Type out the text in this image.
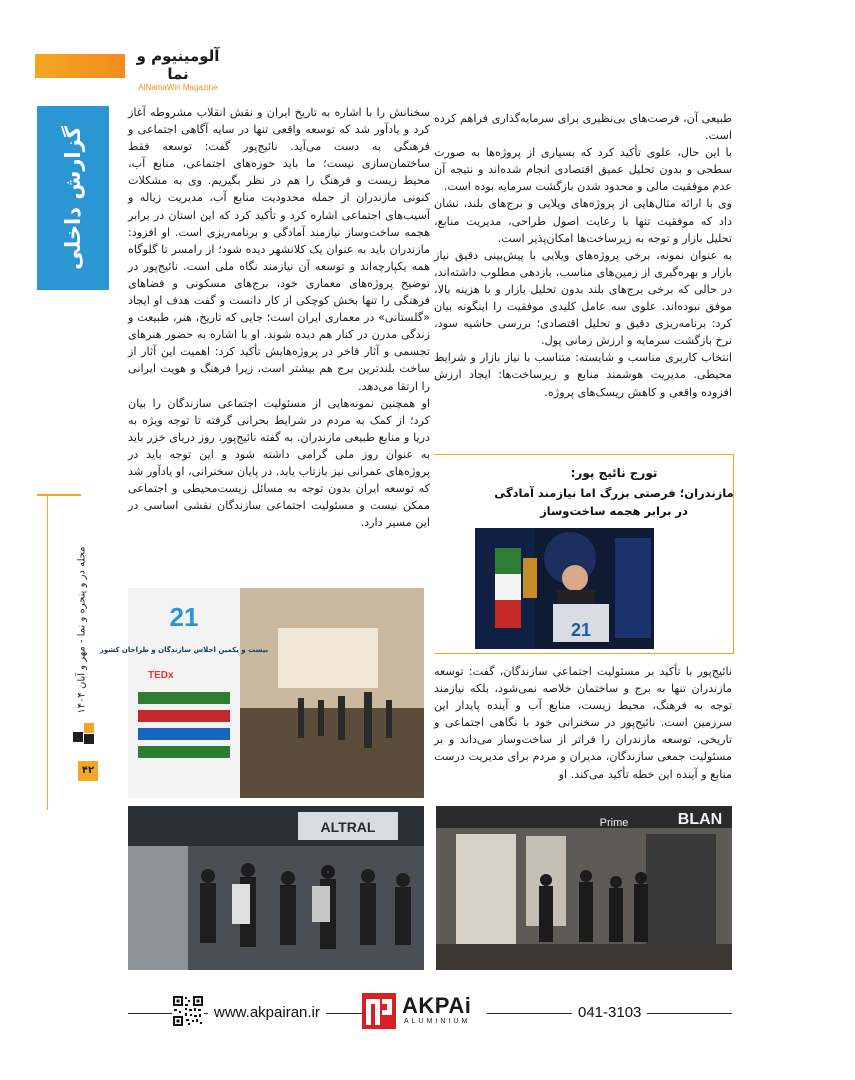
آلومینیوم و نما
AlNamaWin Magazine
گزارش داخلی
مجله در و پنجره و نما - مهر و آبان ۱۴۰۴
۴۲

سخنانش را با اشاره به تاریخ ایران و نقش انقلاب مشروطه آغاز کرد و یادآور شد که توسعه واقعی تنها در سایه آگاهی اجتماعی و فرهنگی به دست می‌آید. نائیج‌پور گفت: توسعه فقط ساختمان‌سازی نیست؛ ما باید حوزه‌های اجتماعی، منابع آب، محیط زیست و فرهنگ را هم در نظر بگیریم. وی به مشکلات کنونی مازندران از جمله محدودیت منابع آب، مدیریت زباله و آسیب‌های اجتماعی اشاره کرد و تأکید کرد که این استان در برابر هجمه ساخت‌وساز نیازمند آمادگی و برنامه‌ریزی است. او افزود: مازندران باید به عنوان یک کلانشهر دیده شود؛ از رامسر تا گلوگاه همه یکپارچه‌اند و توسعه آن نیازمند نگاه ملی است. نائیج‌پور در توضیح پروژه‌های معماری خود، برج‌های مسکونی و فضاهای فرهنگی را تنها بخش کوچکی از کار دانست و گفت هدف او ایجاد «گلستانی» در معماری ایران است؛ جایی که تاریخ، هنر، طبیعت و زندگی مدرن در کنار هم دیده شوند. او با اشاره به حضور هنرهای تجسمی و آثار فاخر در پروژه‌هایش تأکید کرد: اهمیت این آثار از ساخت بلندترین برج هم بیشتر است، زیرا فرهنگ و هویت ایرانی را ارتقا می‌دهد.

او همچنین نمونه‌هایی از مسئولیت اجتماعی سازندگان را بیان کرد؛ از کمک به مردم در شرایط بحرانی گرفته تا توجه ویژه به دریا و منابع طبیعی مازندران. به گفته نائیج‌پور، روز دریای خزر باید به عنوان روز ملی گرامی داشته شود و این توجه باید در پروژه‌های عمرانی نیز بازتاب یابد. در پایان سخنرانی، او یادآور شد که توسعه ایران بدون توجه به مسائل زیست‌محیطی و اجتماعی ممکن نیست و مسئولیت اجتماعی سازندگان نقشی اساسی در این مسیر دارد.

طبیعی آن، فرصت‌های بی‌نظیری برای سرمایه‌گذاری فراهم کرده است.

با این حال، علوی تأکید کرد که بسیاری از پروژه‌ها به صورت سطحی و بدون تحلیل عمیق اقتصادی انجام شده‌اند و نتیجه آن عدم موفقیت مالی و محدود شدن بازگشت سرمایه بوده است.

وی با ارائه مثال‌هایی از پروژه‌های ویلایی و برج‌های بلند، نشان داد که موفقیت تنها با رعایت اصول طراحی، مدیریت منابع، تحلیل بازار و توجه به زیرساخت‌ها امکان‌پذیر است.

به عنوان نمونه، برخی پروژه‌های ویلایی با پیش‌بینی دقیق نیاز بازار و بهره‌گیری از زمین‌های مناسب، بازدهی مطلوب داشته‌اند، در حالی که برخی برج‌های بلند بدون تحلیل بازار و با هزینه بالا، موفق نبوده‌اند. علوی سه عامل کلیدی موفقیت را اینگونه بیان کرد: برنامه‌ریزی دقیق و تحلیل اقتصادی؛ بررسی حاشیه سود، نرخ بازگشت سرمایه و ارزش زمانی پول.

انتخاب کاربری مناسب و شایسته: متناسب با نیاز بازار و شرایط محیطی. مدیریت هوشمند منابع و زیرساخت‌ها: ایجاد ارزش افزوده واقعی و کاهش ریسک‌های پروژه.

تورج نائیج پور:
مازندران؛ فرصتی بزرگ اما نیازمند آمادگی در برابر هجمه ساخت‌وساز
21

نائیج‌پور با تأکید بر مسئولیت اجتماعی سازندگان، گفت: توسعه مازندران تنها به برج و ساختمان خلاصه نمی‌شود، بلکه نیازمند توجه به فرهنگ، محیط زیست، منابع آب و آینده پایدار این سرزمین است. نائیج‌پور در سخنرانی خود با نگاهی اجتماعی و تاریخی، توسعه مازندران را فراتر از ساخت‌وساز می‌داند و بر مسئولیت جمعی سازندگان، مدیران و مردم برای مدیریت درست منابع و آینده این خطه تأکید می‌کند. او

21
بیست و یکمین اجلاس سازندگان و طراحان کشور
TEDx
ALTRAL	BLAN
Prime
www.akpairan.ir	AKPAi
ALUMINIUM
041-3103
